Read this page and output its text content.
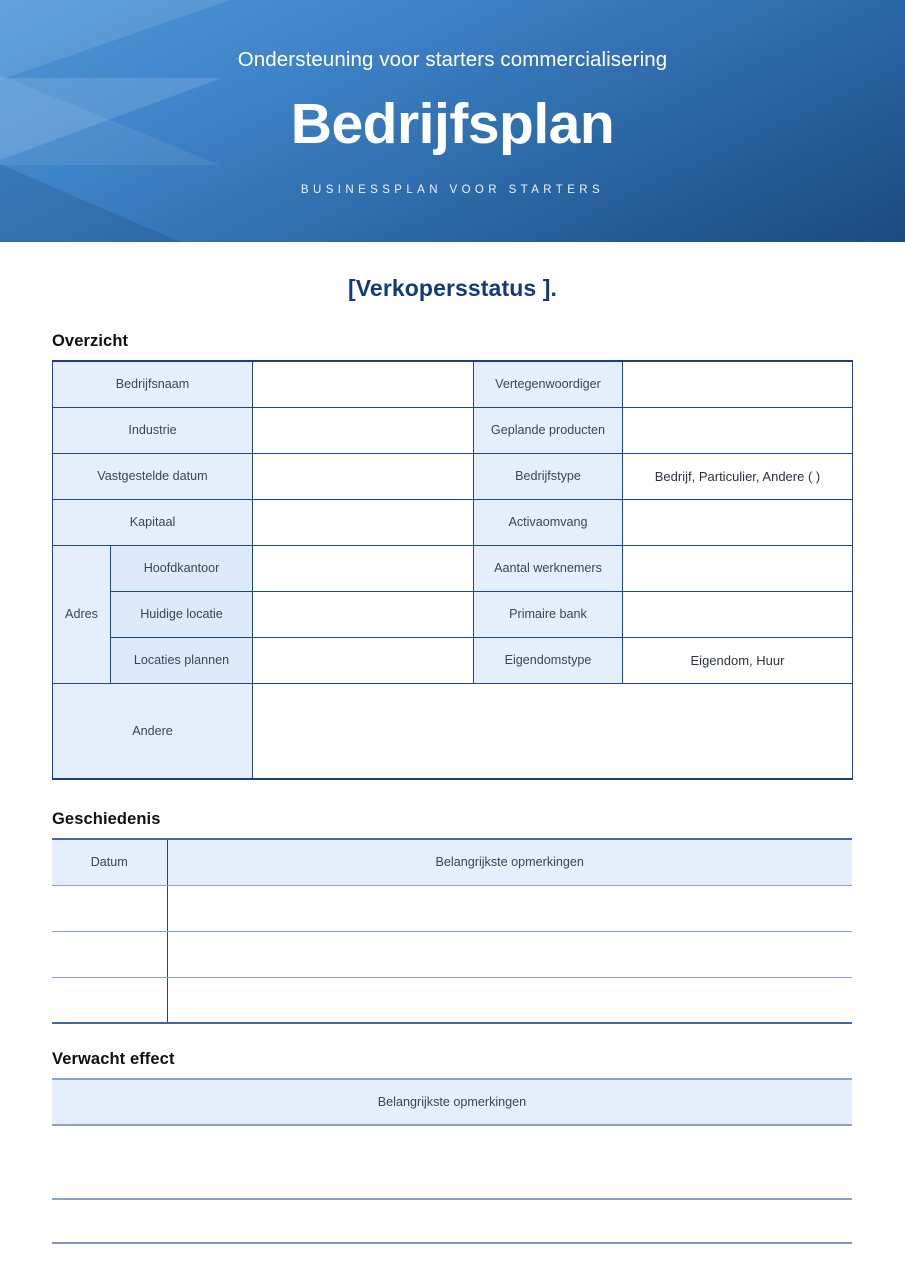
Ondersteuning voor starters commercialisering
Bedrijfsplan
BUSINESSPLAN VOOR STARTERS
[Verkopersstatus ].
Overzicht
Bedrijfsnaam			Vertegenwoordiger	
Industrie			Geplande producten	
Vastgestelde datum			Bedrijfstype	Bedrijf, Particulier, Andere ( )
Kapitaal			Activaomvang	
Adres	Hoofdkantoor		Aantal werknemers	
	Huidige locatie		Primaire bank	
	Locaties plannen		Eigendomstype	Eigendom, Huur
Andere				
Geschiedenis
Datum	Belangrijkste opmerkingen

Verwacht effect
Belangrijkste opmerkingen
